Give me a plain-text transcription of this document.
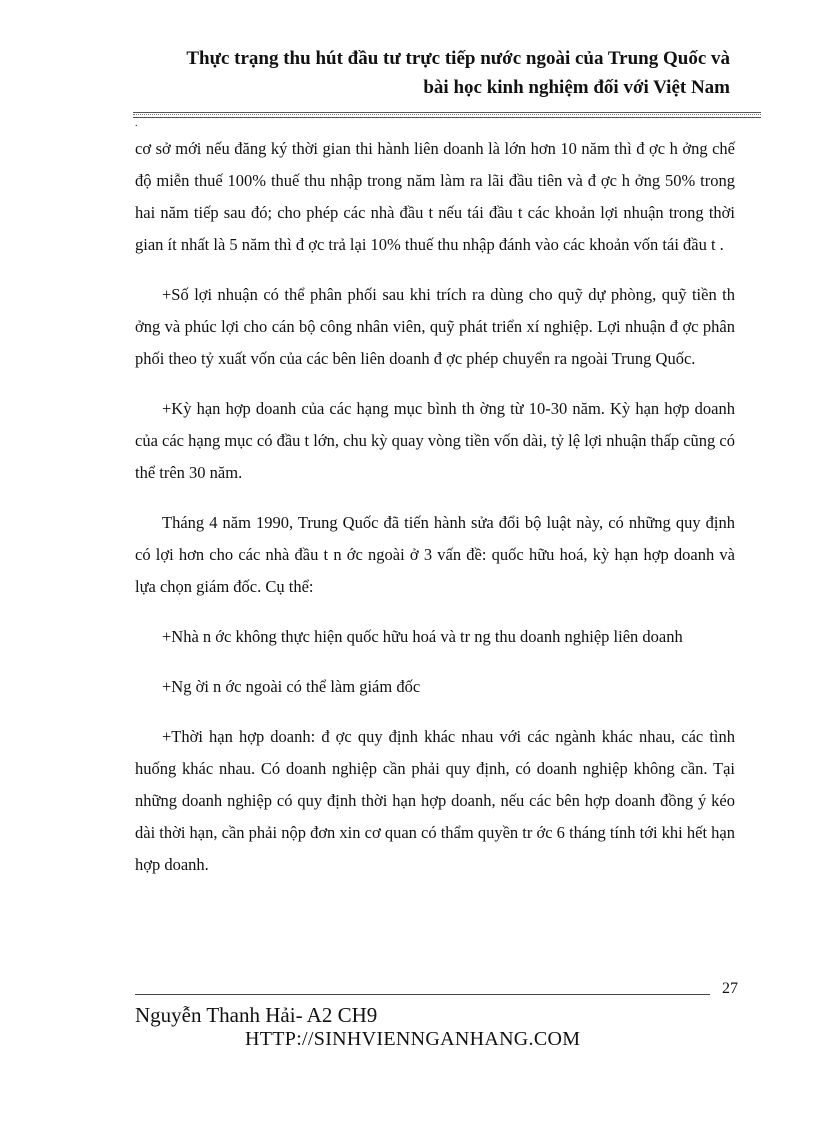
Thực trạng thu hút đầu tư trực tiếp nước ngoài của Trung Quốc và
bài học kinh nghiệm đối với Việt Nam
.

cơ sở mới nếu đăng ký thời gian thi hành liên doanh là lớn hơn 10 năm thì đ ợc h ởng chế độ miễn thuế 100% thuế thu nhập trong năm làm ra lãi đầu tiên và đ ợc h ởng 50% trong hai năm tiếp sau đó; cho phép các nhà đầu t nếu tái đầu t các khoản lợi nhuận trong thời gian ít nhất là 5 năm thì đ ợc trả lại 10% thuế thu nhập đánh vào các khoản vốn tái đầu t .

+Số lợi nhuận có thể phân phối sau khi trích ra dùng cho quỹ dự phòng, quỹ tiền th ởng và phúc lợi cho cán bộ công nhân viên, quỹ phát triển xí nghiệp. Lợi nhuận đ ợc phân phối theo tỷ xuất vốn của các bên liên doanh đ ợc phép chuyển ra ngoài Trung Quốc.

+Kỳ hạn hợp doanh của các hạng mục bình th ờng từ 10-30 năm. Kỳ hạn hợp doanh của các hạng mục có đầu t lớn, chu kỳ quay vòng tiền vốn dài, tỷ lệ lợi nhuận thấp cũng có thể trên 30 năm.

Tháng 4 năm 1990, Trung Quốc đã tiến hành sửa đổi bộ luật này, có những quy định có lợi hơn cho các nhà đầu t n ớc ngoài ở 3 vấn đề: quốc hữu hoá, kỳ hạn hợp doanh và lựa chọn giám đốc. Cụ thể:

+Nhà n ớc không thực hiện quốc hữu hoá và tr ng thu doanh nghiệp liên doanh

+Ng ời n ớc ngoài có thể làm giám đốc

+Thời hạn hợp doanh: đ ợc quy định khác nhau với các ngành khác nhau, các tình huống khác nhau. Có doanh nghiệp cần phải quy định, có doanh nghiệp không cần. Tại những doanh nghiệp có quy định thời hạn hợp doanh, nếu các bên hợp doanh đồng ý kéo dài thời hạn, cần phải nộp đơn xin cơ quan có thẩm quyền tr ớc 6 tháng tính tới khi hết hạn hợp doanh.

27
Nguyễn Thanh Hải- A2 CH9
HTTP://SINHVIENNGANHANG.COM
